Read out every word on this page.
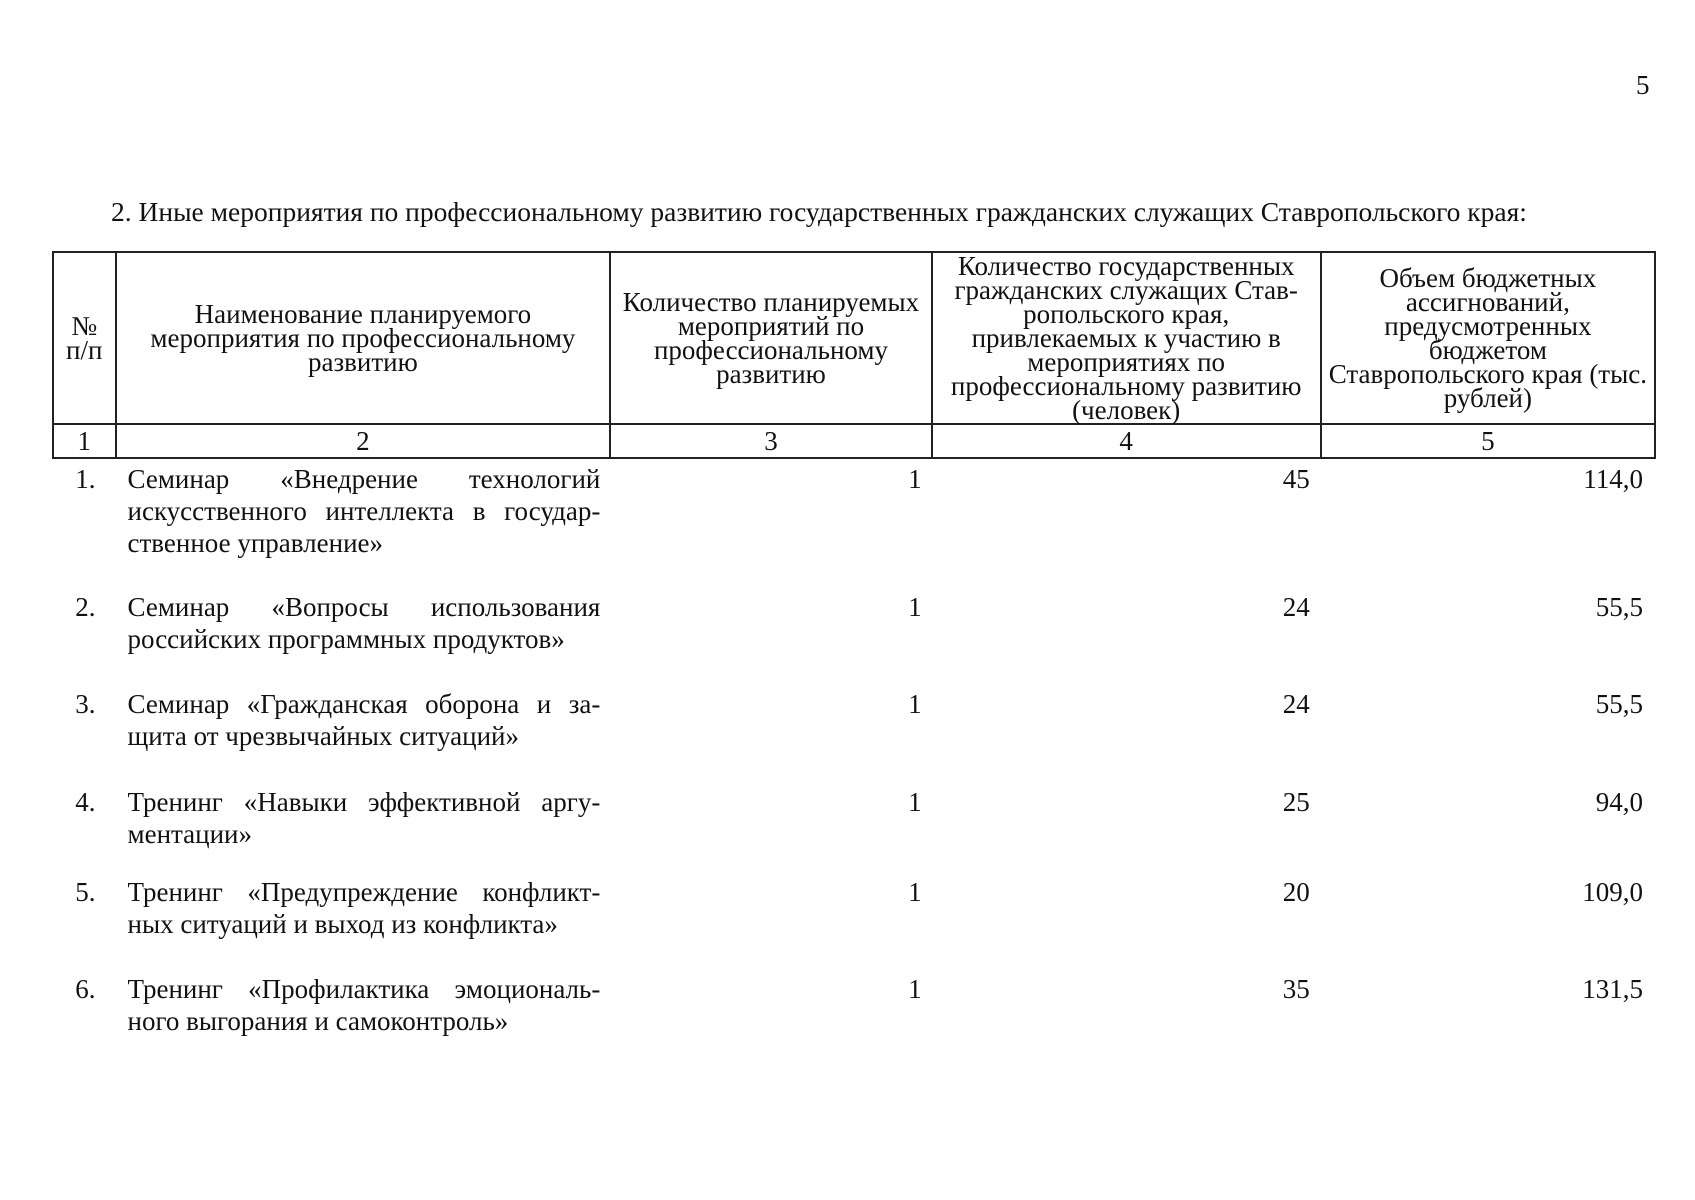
5
2. Иные мероприятия по профессиональному развитию государственных гражданских служащих Ставропольского края:
№ п/п	Наименование планируемого мероприятия по профессиональному развитию	Количество планируемых мероприятий по профессиональному развитию	Количество государственных гражданских служащих Став-ропольского края, привлекаемых к участию в мероприятиях по профессиональному развитию (человек)	Объем бюджетных ассигнований, предусмотренных бюджетом Ставропольского края (тыс. рублей)
1	2	3	4	5
1.	Семинар «Внедрение технологий искусственного интеллекта в государ-ственное управление»	1	45	114,0
2.	Семинар «Вопросы использования российских программных продуктов»	1	24	55,5
3.	Семинар «Гражданская оборона и за-щита от чрезвычайных ситуаций»	1	24	55,5
4.	Тренинг «Навыки эффективной аргу-ментации»	1	25	94,0
5.	Тренинг «Предупреждение конфликт-ных ситуаций и выход из конфликта»	1	20	109,0
6.	Тренинг «Профилактика эмоциональ-ного выгорания и самоконтроль»	1	35	131,5
